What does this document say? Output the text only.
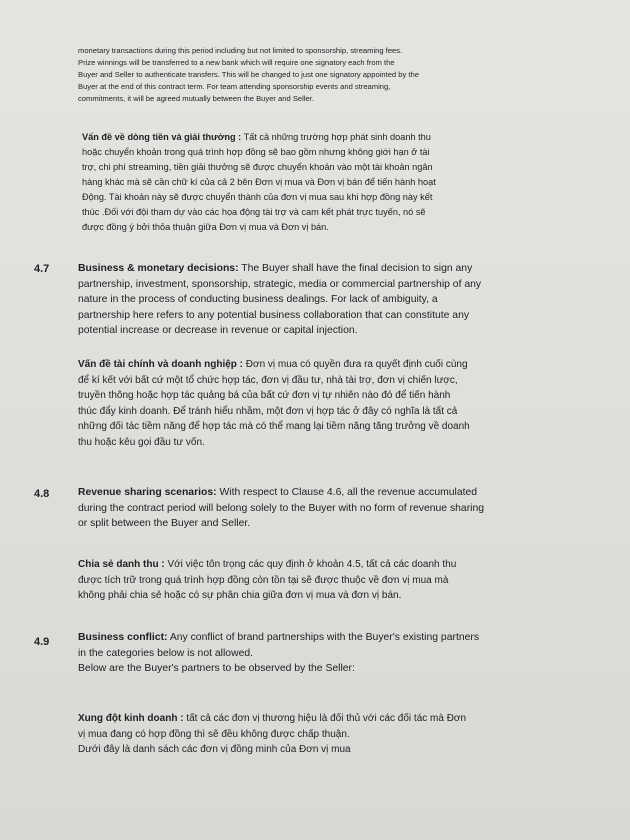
monetary transactions during this period including but not limited to sponsorship, streaming fees.

Prize winnings will be transferred to a new bank which will require one signatory each from the

Buyer and Seller to authenticate transfers. This will be changed to just one signatory appointed by the

Buyer at the end of this contract term. For team attending sponsorship events and streaming,

commitments, it will be agreed mutually between the Buyer and Seller.

Vấn đề về dòng tiền và giải thưởng : Tất cả những trường hợp phát sinh doanh thu
hoặc chuyển khoản trong quá trình hợp đồng sẽ bao gồm nhưng không giới hạn ở tài
trợ, chi phí streaming, tiền giải thưởng sẽ được chuyển khoản vào một tài khoản ngân
hàng khác mà sẽ cần chữ kí của cả 2 bên Đơn vị mua và Đơn vị bán để tiến hành hoạt
Động. Tài khoản này sẽ được chuyển thành của đơn vị mua sau khi hợp đồng này kết
thúc .Đối với đội tham dự vào các họa động tài trợ và cam kết phát trực tuyến, nó sẽ
được đồng ý bởi thỏa thuận giữa Đơn vị mua và Đơn vị bán.
4.7	Business & monetary decisions: The Buyer shall have the final decision to sign any
partnership, investment, sponsorship, strategic, media or commercial partnership of any
nature in the process of conducting business dealings. For lack of ambiguity, a
partnership here refers to any potential business collaboration that can constitute any
potential increase or decrease in revenue or capital injection.
Vấn đề tài chính và doanh nghiệp : Đơn vị mua có quyền đưa ra quyết định cuối cùng
để kí kết với bất cứ một tổ chức hợp tác, đơn vị đầu tư, nhà tài trợ, đơn vị chiến lược,
truyền thông hoặc hợp tác quảng bá của bất cứ đơn vị tự nhiên nào đó để tiến hành
thúc đẩy kinh doanh. Để tránh hiểu nhầm, một đơn vị hợp tác ở đây có nghĩa là tất cả
những đối tác tiềm năng để hợp tác mà có thể mang lại tiềm năng tăng trưởng về doanh
thu hoặc kêu gọi đầu tư vốn.
4.8	Revenue sharing scenarios: With respect to Clause 4.6, all the revenue accumulated
during the contract period will belong solely to the Buyer with no form of revenue sharing
or split between the Buyer and Seller.
Chia sẻ danh thu : Với việc tôn trọng các quy định ở khoản 4.5, tất cả các doanh thu
được tích trữ trong quá trình hợp đồng còn tồn tại sẽ được thuộc về đơn vị mua mà
không phải chia sẻ hoặc có sự phân chia giữa đơn vị mua và đơn vị bán.
4.9	Business conflict: Any conflict of brand partnerships with the Buyer's existing partners
in the categories below is not allowed.
Below are the Buyer's partners to be observed by the Seller:
Xung đột kinh doanh : tất cả các đơn vị thương hiệu là đối thủ với các đối tác mà Đơn
vị mua đang có hợp đồng thì sẽ đều không được chấp thuận.
Dưới đây là danh sách các đơn vị đồng minh của Đơn vị mua
